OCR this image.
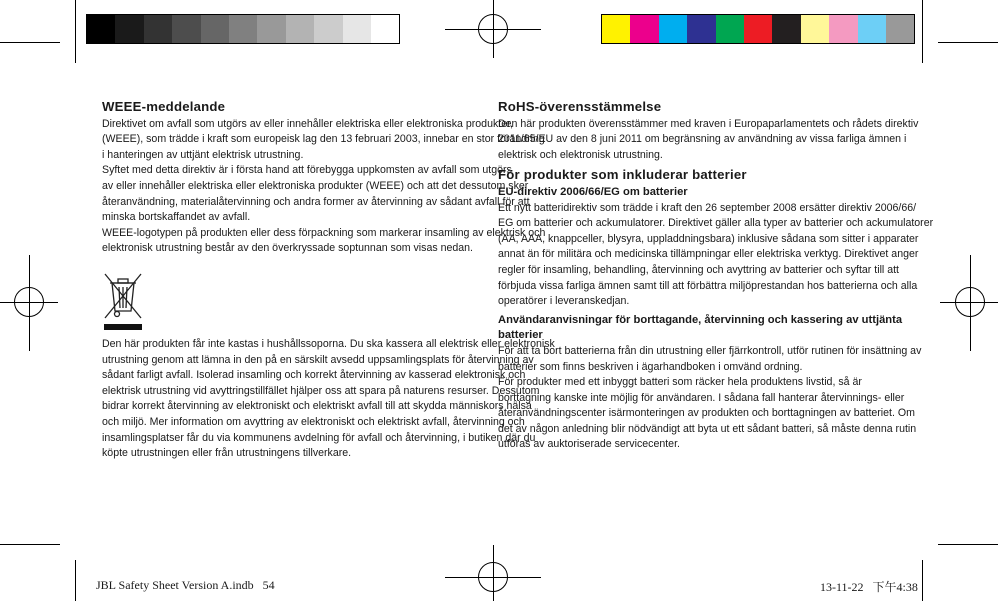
WEEE-meddelande

Direktivet om avfall som utgörs av eller innehåller elektriska eller elektroniska produkter,

(WEEE), som trädde i kraft som europeisk lag den 13 februari 2003, innebar en stor förändring

i hanteringen av uttjänt elektrisk utrustning.

Syftet med detta direktiv är i första hand att förebygga uppkomsten av avfall som utgörs

av eller innehåller elektriska eller elektroniska produkter (WEEE) och att det dessutom sker

återanvändning, materialåtervinning och andra former av återvinning av sådant avfall för att

minska bortskaffandet av avfall.

WEEE-logotypen på produkten eller dess förpackning som markerar insamling av elektrisk och

elektronisk utrustning består av den överkryssade soptunnan som visas nedan.

Den här produkten får inte kastas i hushållssoporna. Du ska kassera all elektrisk eller elektronisk

utrustning genom att lämna in den på en särskilt avsedd uppsamlingsplats för återvinning av

sådant farligt avfall. Isolerad insamling och korrekt återvinning av kasserad elektronisk och

elektrisk utrustning vid avyttringstillfället hjälper oss att spara på naturens resurser. Dessutom

bidrar korrekt återvinning av elektroniskt och elektriskt avfall till att skydda människors hälsa

och miljö. Mer information om avyttring av elektroniskt och elektriskt avfall, återvinning och

insamlingsplatser får du via kommunens avdelning för avfall och återvinning, i butiken där du

köpte utrustningen eller från utrustningens tillverkare.

RoHS-överensstämmelse

Den här produkten överensstämmer med kraven i Europaparlamentets och rådets direktiv

2011/65/EU av den 8 juni 2011 om begränsning av användning av vissa farliga ämnen i

elektrisk och elektronisk utrustning.

För produkter som inkluderar batterier

EU-direktiv 2006/66/EG om batterier

Ett nytt batteridirektiv som trädde i kraft den 26 september 2008 ersätter direktiv 2006/66/

EG om batterier och ackumulatorer. Direktivet gäller alla typer av batterier och ackumulatorer

(AA, AAA, knappceller, blysyra, uppladdningsbara) inklusive sådana som sitter i apparater

annat än för militära och medicinska tillämpningar eller elektriska verktyg. Direktivet anger

regler för insamling, behandling, återvinning och avyttring av batterier och syftar till att

förbjuda vissa farliga ämnen samt till att förbättra miljöprestandan hos batterierna och alla

operatörer i leveranskedjan.

Användaranvisningar för borttagande, återvinning och kassering av uttjänta

batterier

För att ta bort batterierna från din utrustning eller fjärrkontroll, utför rutinen för insättning av

batterier som finns beskriven i ägarhandboken i omvänd ordning.

För produkter med ett inbyggt batteri som räcker hela produktens livstid, så är

borttagning kanske inte möjlig för användaren. I sådana fall hanterar återvinnings- eller

återanvändningscenter isärmonteringen av produkten och borttagningen av batteriet. Om

det av någon anledning blir nödvändigt att byta ut ett sådant batteri, så måste denna rutin

utföras av auktoriserade servicecenter.

JBL Safety Sheet Version A.indb   54	13-11-22   下午4:38
